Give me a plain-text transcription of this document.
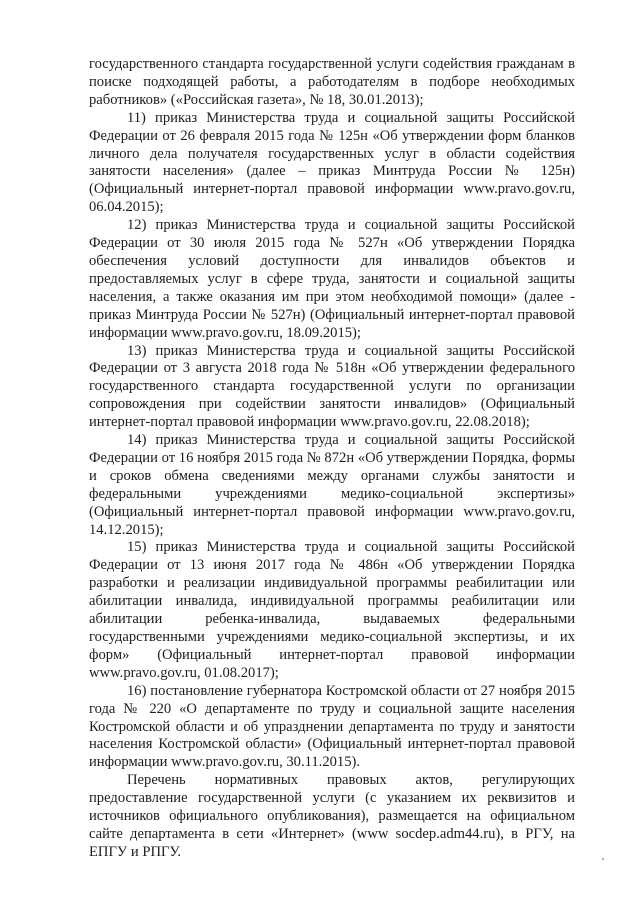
государственного стандарта государственной услуги содействия гражданам в поиске подходящей работы, а работодателям в подборе необходимых работников» («Российская газета», № 18, 30.01.2013);

11) приказ Министерства труда и социальной защиты Российской Федерации от 26 февраля 2015 года № 125н «Об утверждении форм бланков личного дела получателя государственных услуг в области содействия занятости населения» (далее – приказ Минтруда России № 125н) (Официальный интернет-портал правовой информации www.pravo.gov.ru, 06.04.2015);

12) приказ Министерства труда и социальной защиты Российской Федерации от 30 июля 2015 года № 527н «Об утверждении Порядка обеспечения условий доступности для инвалидов объектов и предоставляемых услуг в сфере труда, занятости и социальной защиты населения, а также оказания им при этом необходимой помощи» (далее - приказ Минтруда России № 527н) (Официальный интернет-портал правовой информации www.pravo.gov.ru, 18.09.2015);

13) приказ Министерства труда и социальной защиты Российской Федерации от 3 августа 2018 года № 518н «Об утверждении федерального государственного стандарта государственной услуги по организации сопровождения при содействии занятости инвалидов» (Официальный интернет-портал правовой информации www.pravo.gov.ru, 22.08.2018);

14) приказ Министерства труда и социальной защиты Российской Федерации от 16 ноября 2015 года № 872н «Об утверждении Порядка, формы и сроков обмена сведениями между органами службы занятости и федеральными учреждениями медико-социальной экспертизы» (Официальный интернет-портал правовой информации www.pravo.gov.ru, 14.12.2015);

15) приказ Министерства труда и социальной защиты Российской Федерации от 13 июня 2017 года № 486н «Об утверждении Порядка разработки и реализации индивидуальной программы реабилитации или абилитации инвалида, индивидуальной программы реабилитации или абилитации ребенка-инвалида, выдаваемых федеральными государственными учреждениями медико-социальной экспертизы, и их форм» (Официальный интернет-портал правовой информации www.pravo.gov.ru, 01.08.2017);

16) постановление губернатора Костромской области от 27 ноября 2015 года № 220 «О департаменте по труду и социальной защите населения Костромской области и об упразднении департамента по труду и занятости населения Костромской области» (Официальный интернет-портал правовой информации www.pravo.gov.ru, 30.11.2015).

Перечень нормативных правовых актов, регулирующих предоставление государственной услуги (с указанием их реквизитов и источников официального опубликования), размещается на официальном сайте департамента в сети «Интернет» (www socdep.adm44.ru), в РГУ, на ЕПГУ и РПГУ.
